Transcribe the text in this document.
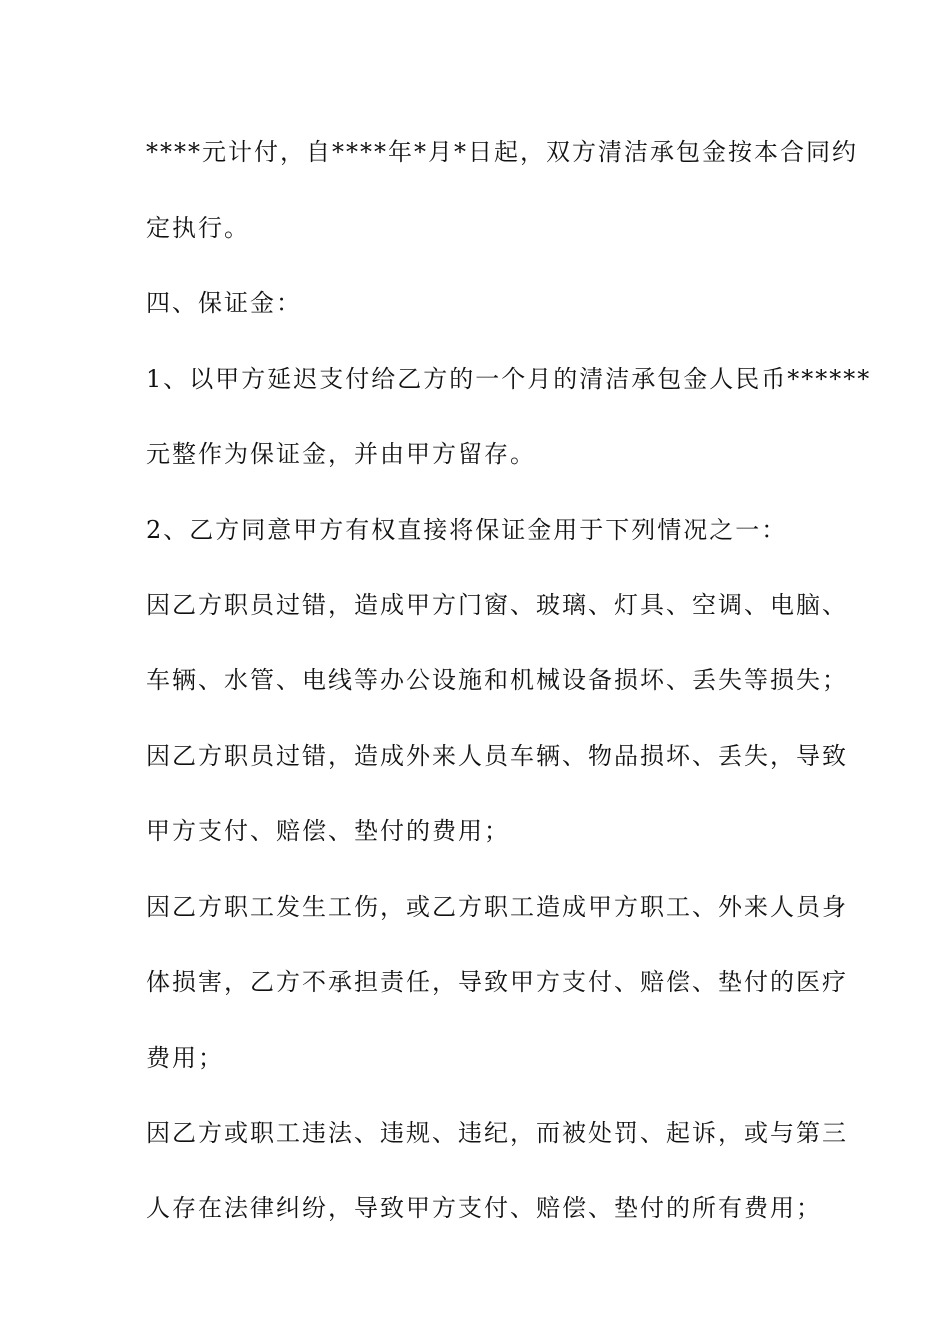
****元计付，自****年*月*日起，双方清洁承包金按本合同约
定执行。
四、保证金：
1、以甲方延迟支付给乙方的一个月的清洁承包金人民币******
元整作为保证金，并由甲方留存。
2、乙方同意甲方有权直接将保证金用于下列情况之一：
因乙方职员过错，造成甲方门窗、玻璃、灯具、空调、电脑、
车辆、水管、电线等办公设施和机械设备损坏、丢失等损失；
因乙方职员过错，造成外来人员车辆、物品损坏、丢失，导致
甲方支付、赔偿、垫付的费用；
因乙方职工发生工伤，或乙方职工造成甲方职工、外来人员身
体损害，乙方不承担责任，导致甲方支付、赔偿、垫付的医疗
费用；
因乙方或职工违法、违规、违纪，而被处罚、起诉，或与第三
人存在法律纠纷，导致甲方支付、赔偿、垫付的所有费用；
